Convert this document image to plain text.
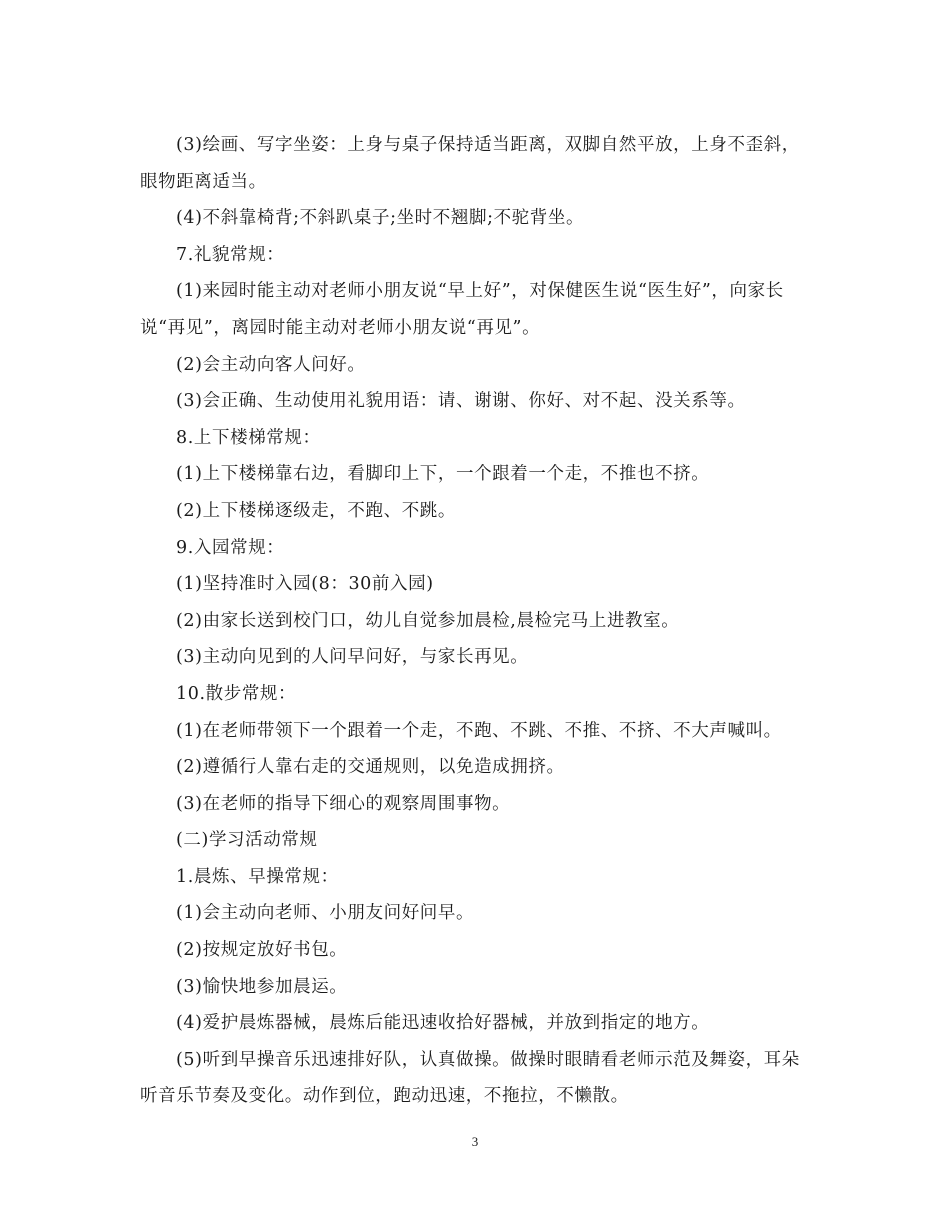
(3)绘画、写字坐姿：上身与桌子保持适当距离，双脚自然平放，上身不歪斜，眼物距离适当。

(4)不斜靠椅背;不斜趴桌子;坐时不翘脚;不驼背坐。

7.礼貌常规：

(1)来园时能主动对老师小朋友说“早上好”，对保健医生说“医生好”，向家长说“再见”，离园时能主动对老师小朋友说“再见”。

(2)会主动向客人问好。

(3)会正确、生动使用礼貌用语：请、谢谢、你好、对不起、没关系等。

8.上下楼梯常规：

(1)上下楼梯靠右边，看脚印上下，一个跟着一个走，不推也不挤。

(2)上下楼梯逐级走，不跑、不跳。

9.入园常规：

(1)坚持准时入园(8：30前入园)

(2)由家长送到校门口，幼儿自觉参加晨检,晨检完马上进教室。

(3)主动向见到的人问早问好，与家长再见。

10.散步常规：

(1)在老师带领下一个跟着一个走，不跑、不跳、不推、不挤、不大声喊叫。

(2)遵循行人靠右走的交通规则，以免造成拥挤。

(3)在老师的指导下细心的观察周围事物。

(二)学习活动常规

1.晨炼、早操常规：

(1)会主动向老师、小朋友问好问早。

(2)按规定放好书包。

(3)愉快地参加晨运。

(4)爱护晨炼器械，晨炼后能迅速收拾好器械，并放到指定的地方。

(5)听到早操音乐迅速排好队，认真做操。做操时眼睛看老师示范及舞姿，耳朵听音乐节奏及变化。动作到位，跑动迅速，不拖拉，不懒散。

3
